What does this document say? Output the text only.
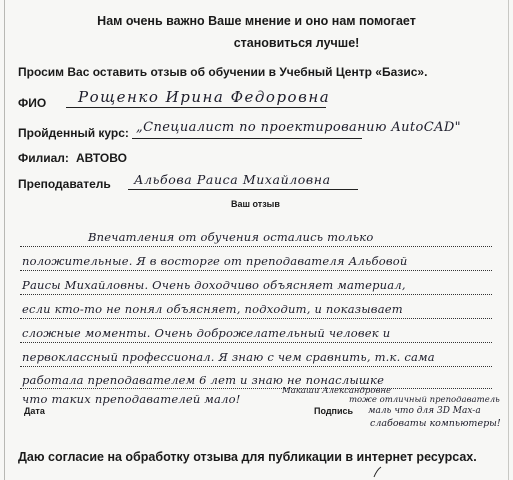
Нам очень важно Ваше мнение и оно нам помогает
становиться лучше!
Просим Вас оставить отзыв об обучении в Учебный Центр «Базис».
ФИО Рощенко Ирина Федоровна
Пройденный курс: „Специалист по проектированию AutoCAD"
Филиал: АВТОВО
Преподаватель Альбова Раиса Михайловна
Ваш отзыв
Впечатления от обучения остались только
положительные. Я в восторге от преподавателя Альбовой
Раисы Михайловны. Очень доходчиво объясняет материал,
если кто-то не понял объясняет, подходит, и показывает
сложные моменты. Очень доброжелательный человек и
первоклассный профессионал. Я знаю с чем сравнить, т.к. сама
работала преподавателем 6 лет и знаю не понаслышке
что таких преподавателей мало!
Макаши Александровне
тоже отличный преподаватель
маль что для 3D Max-а
слабоваты компьютеры!
Дата	Подпись
Даю согласие на обработку отзыва для публикации в интернет ресурсах.
